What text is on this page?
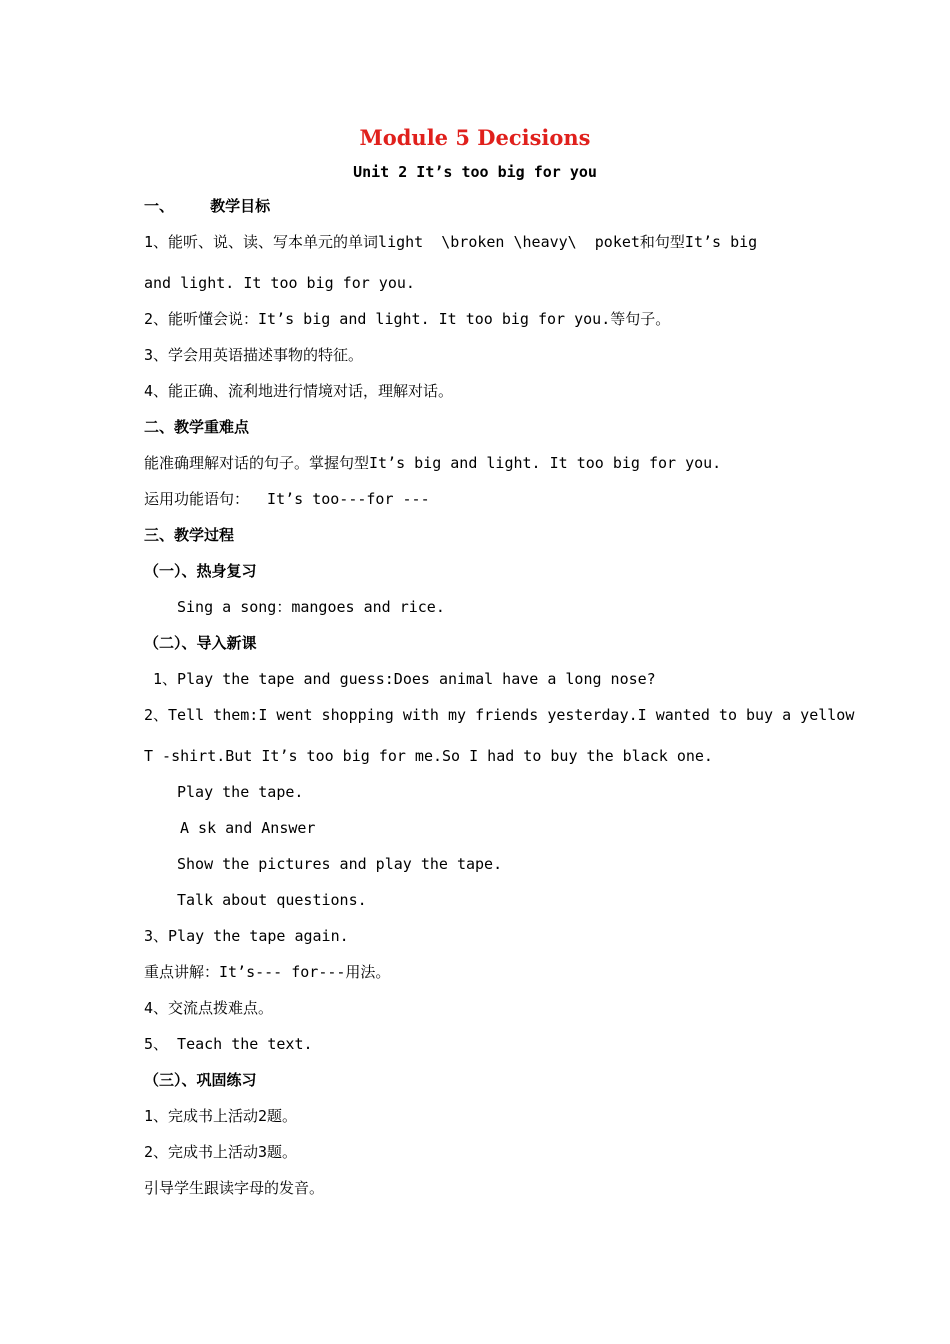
Module 5 Decisions
Unit 2 It’s too big for you
一、    教学目标
1、能听、说、读、写本单元的单词light  \broken \heavy\  poket和句型It’s big
and light. It too big for you.
2、能听懂会说：It’s big and light. It too big for you.等句子。
3、学会用英语描述事物的特征。
4、能正确、流利地进行情境对话，理解对话。
二、教学重难点
能准确理解对话的句子。掌握句型It’s big and light. It too big for you.
运用功能语句：  It’s too---for ---
三、教学过程
（一）、热身复习
Sing a song：mangoes and rice.
（二）、导入新课
1、Play the tape and guess:Does animal have a long nose?
2、Tell them:I went shopping with my friends yesterday.I wanted to buy a yellow
T -shirt.But It’s too big for me.So I had to buy the black one.
Play the tape.
A sk and Answer
Show the pictures and play the tape.
Talk about questions.
3、Play the tape again.
重点讲解：It’s--- for---用法。
4、交流点拨难点。
5、 Teach the text.
（三）、巩固练习
1、完成书上活动2题。
2、完成书上活动3题。
引导学生跟读字母的发音。
